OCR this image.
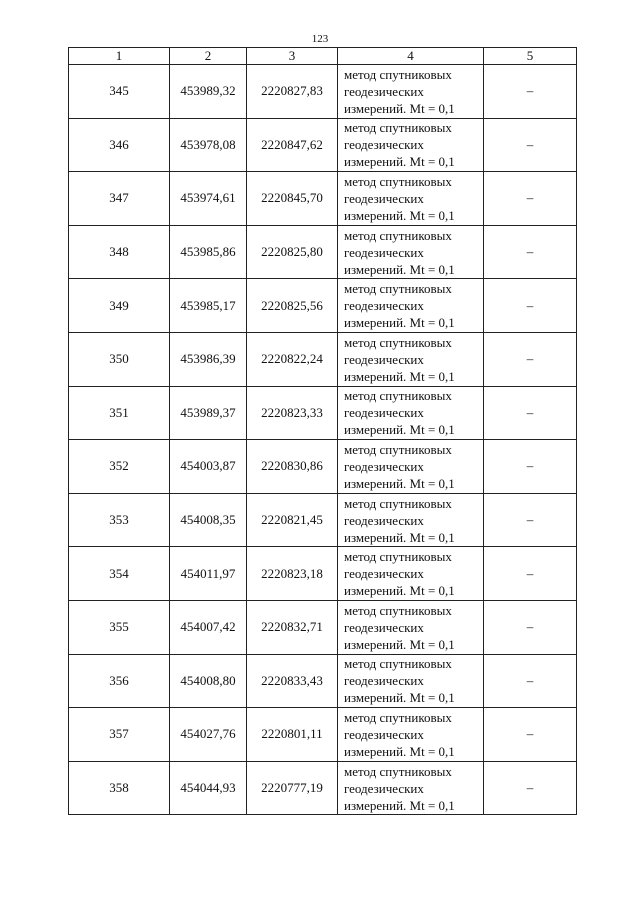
123
1	2	3	4	5
345	453989,32	2220827,83	метод спутниковых
геодезических
измерений. Mt = 0,1	–
346	453978,08	2220847,62	метод спутниковых
геодезических
измерений. Mt = 0,1	–
347	453974,61	2220845,70	метод спутниковых
геодезических
измерений. Mt = 0,1	–
348	453985,86	2220825,80	метод спутниковых
геодезических
измерений. Mt = 0,1	–
349	453985,17	2220825,56	метод спутниковых
геодезических
измерений. Mt = 0,1	–
350	453986,39	2220822,24	метод спутниковых
геодезических
измерений. Mt = 0,1	–
351	453989,37	2220823,33	метод спутниковых
геодезических
измерений. Mt = 0,1	–
352	454003,87	2220830,86	метод спутниковых
геодезических
измерений. Mt = 0,1	–
353	454008,35	2220821,45	метод спутниковых
геодезических
измерений. Mt = 0,1	–
354	454011,97	2220823,18	метод спутниковых
геодезических
измерений. Mt = 0,1	–
355	454007,42	2220832,71	метод спутниковых
геодезических
измерений. Mt = 0,1	–
356	454008,80	2220833,43	метод спутниковых
геодезических
измерений. Mt = 0,1	–
357	454027,76	2220801,11	метод спутниковых
геодезических
измерений. Mt = 0,1	–
358	454044,93	2220777,19	метод спутниковых
геодезических
измерений. Mt = 0,1	–
